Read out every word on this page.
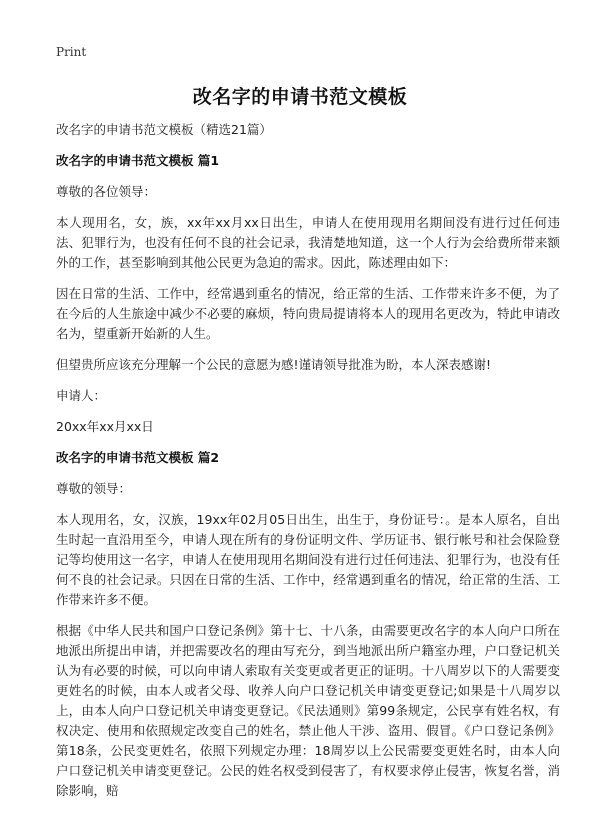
Print
改名字的申请书范文模板

改名字的申请书范文模板（精选21篇）

改名字的申请书范文模板 篇1

尊敬的各位领导：

本人现用名，女，族，xx年xx月xx日出生，申请人在使用现用名期间没有进行过任何违法、犯罪行为，也没有任何不良的社会记录，我清楚地知道，这一个人行为会给费所带来额外的工作，甚至影响到其他公民更为急迫的需求。因此，陈述理由如下：

因在日常的生活、工作中，经常遇到重名的情况，给正常的生活、工作带来许多不便，为了在今后的人生旅途中减少不必要的麻烦，特向贵局提请将本人的现用名更改为，特此申请改名为，望重新开始新的人生。

但望贵所应该充分理解一个公民的意愿为感!谨请领导批准为盼，本人深表感谢!

申请人：

20xx年xx月xx日

改名字的申请书范文模板 篇2

尊敬的领导：

本人现用名，女，汉族，19xx年02月05日出生，出生于，身份证号：。是本人原名，自出生时起一直沿用至今，申请人现在所有的身份证明文件、学历证书、银行帐号和社会保险登记等均使用这一名字，申请人在使用现用名期间没有进行过任何违法、犯罪行为，也没有任何不良的社会记录。只因在日常的生活、工作中，经常遇到重名的情况，给正常的生活、工作带来许多不便。

根据《中华人民共和国户口登记条例》第十七、十八条，由需要更改名字的本人向户口所在地派出所提出申请，并把需要改名的理由写充分，到当地派出所户籍室办理，户口登记机关认为有必要的时候，可以向申请人索取有关变更或者更正的证明。十八周岁以下的人需要变更姓名的时候，由本人或者父母、收养人向户口登记机关申请变更登记;如果是十八周岁以上，由本人向户口登记机关申请变更登记。《民法通则》第99条规定，公民享有姓名权，有权决定、使用和依照规定改变自己的姓名，禁止他人干涉、盗用、假冒。《户口登记条例》第18条，公民变更姓名，依照下列规定办理：18周岁以上公民需要变更姓名时，由本人向户口登记机关申请变更登记。公民的姓名权受到侵害了，有权要求停止侵害，恢复名誉，消除影响，赔
